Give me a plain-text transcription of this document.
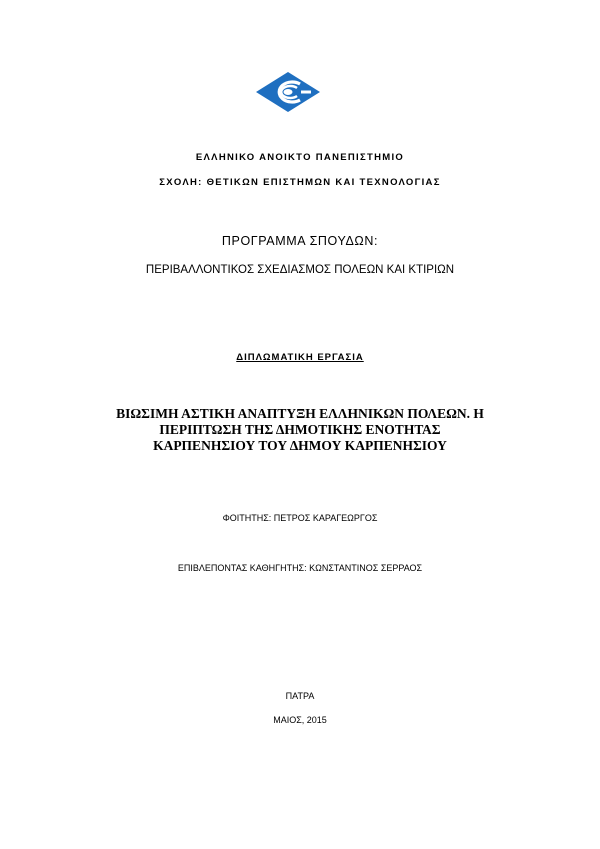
ΕΛΛΗΝΙΚΟ ΑΝΟΙΚΤΟ ΠΑΝΕΠΙΣΤΗΜΙΟ
ΣΧΟΛΗ: ΘΕΤΙΚΩΝ ΕΠΙΣΤΗΜΩΝ ΚΑΙ ΤΕΧΝΟΛΟΓΙΑΣ
ΠΡΟΓΡΑΜΜΑ ΣΠΟΥΔΩΝ:
ΠΕΡΙΒΑΛΛΟΝΤΙΚΟΣ ΣΧΕΔΙΑΣΜΟΣ ΠΟΛΕΩΝ ΚΑΙ ΚΤΙΡΙΩΝ
ΔΙΠΛΩΜΑΤΙΚΗ ΕΡΓΑΣΙΑ
ΒΙΩΣΙΜΗ ΑΣΤΙΚΗ ΑΝΑΠΤΥΞΗ ΕΛΛΗΝΙΚΩΝ ΠΟΛΕΩΝ. Η
ΠΕΡΙΠΤΩΣΗ ΤΗΣ ΔΗΜΟΤΙΚΗΣ ΕΝΟΤΗΤΑΣ
ΚΑΡΠΕΝΗΣΙΟΥ ΤΟΥ ΔΗΜΟΥ ΚΑΡΠΕΝΗΣΙΟΥ
ΦΟΙΤΗΤΗΣ: ΠΕΤΡΟΣ ΚΑΡΑΓΕΩΡΓΟΣ
ΕΠΙΒΛΕΠΟΝΤΑΣ ΚΑΘΗΓΗΤΗΣ: ΚΩΝΣΤΑΝΤΙΝΟΣ ΣΕΡΡΑΟΣ
ΠΑΤΡΑ
ΜΑΙΟΣ, 2015
